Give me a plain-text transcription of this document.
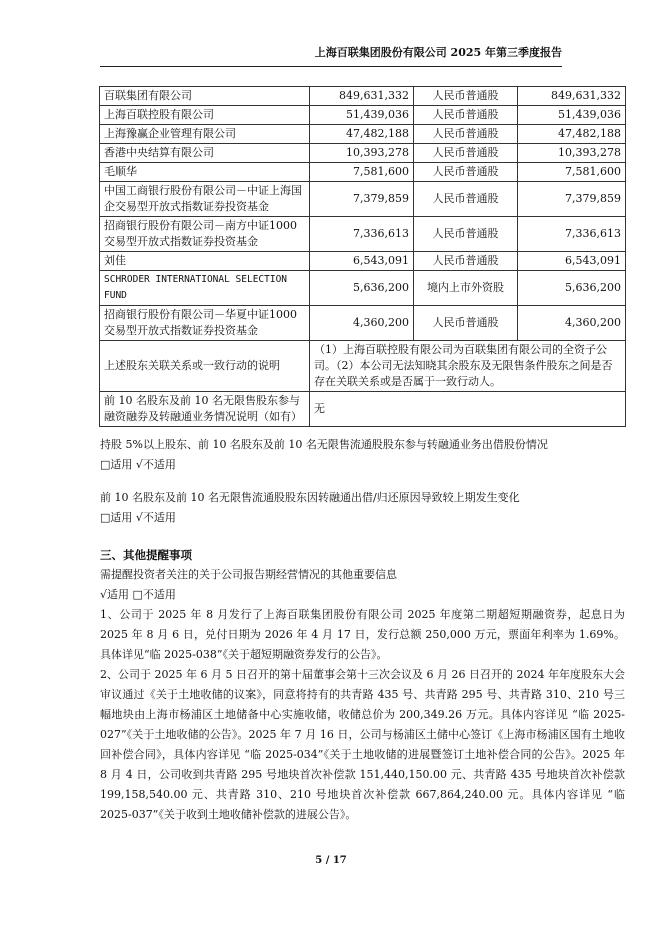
上海百联集团股份有限公司 2025 年第三季度报告
百联集团有限公司	849,631,332	人民币普通股	849,631,332
上海百联控股有限公司	51,439,036	人民币普通股	51,439,036
上海豫赢企业管理有限公司	47,482,188	人民币普通股	47,482,188
香港中央结算有限公司	10,393,278	人民币普通股	10,393,278
毛顺华	7,581,600	人民币普通股	7,581,600
中国工商银行股份有限公司－中证上海国企交易型开放式指数证券投资基金	7,379,859	人民币普通股	7,379,859
招商银行股份有限公司－南方中证1000交易型开放式指数证券投资基金	7,336,613	人民币普通股	7,336,613
刘佳	6,543,091	人民币普通股	6,543,091
SCHRODER INTERNATIONAL SELECTION FUND	5,636,200	境内上市外资股	5,636,200
招商银行股份有限公司－华夏中证1000交易型开放式指数证券投资基金	4,360,200	人民币普通股	4,360,200
上述股东关联关系或一致行动的说明	（1）上海百联控股有限公司为百联集团有限公司的全资子公司。（2）本公司无法知晓其余股东及无限售条件股东之间是否存在关联关系或是否属于一致行动人。		
前 10 名股东及前 10 名无限售股东参与融资融券及转融通业务情况说明（如有）	无		
持股 5%以上股东、前 10 名股东及前 10 名无限售流通股股东参与转融通业务出借股份情况
□适用 √不适用
前 10 名股东及前 10 名无限售流通股股东因转融通出借/归还原因导致较上期发生变化
□适用 √不适用
三、其他提醒事项
需提醒投资者关注的关于公司报告期经营情况的其他重要信息
√适用 □不适用
1、公司于 2025 年 8 月发行了上海百联集团股份有限公司 2025 年度第二期超短期融资券，起息日为 2025 年 8 月 6 日，兑付日期为 2026 年 4 月 17 日，发行总额 250,000 万元，票面年利率为 1.69%。具体详见“临 2025-038”《关于超短期融资券发行的公告》。
2、公司于 2025 年 6 月 5 日召开的第十届董事会第十三次会议及 6 月 26 日召开的 2024 年年度股东大会审议通过《关于土地收储的议案》，同意将持有的共青路 435 号、共青路 295 号、共青路 310、210 号三幅地块由上海市杨浦区土地储备中心实施收储，收储总价为 200,349.26 万元。具体内容详见 “临 2025-027”《关于土地收储的公告》。2025 年 7 月 16 日，公司与杨浦区土储中心签订《上海市杨浦区国有土地收回补偿合同》，具体内容详见 “临 2025-034”《关于土地收储的进展暨签订土地补偿合同的公告》。2025 年 8 月 4 日，公司收到共青路 295 号地块首次补偿款 151,440,150.00 元、共青路 435 号地块首次补偿款 199,158,540.00 元、共青路 310、210 号地块首次补偿款 667,864,240.00 元。具体内容详见 “临 2025-037”《关于收到土地收储补偿款的进展公告》。
5 / 17
